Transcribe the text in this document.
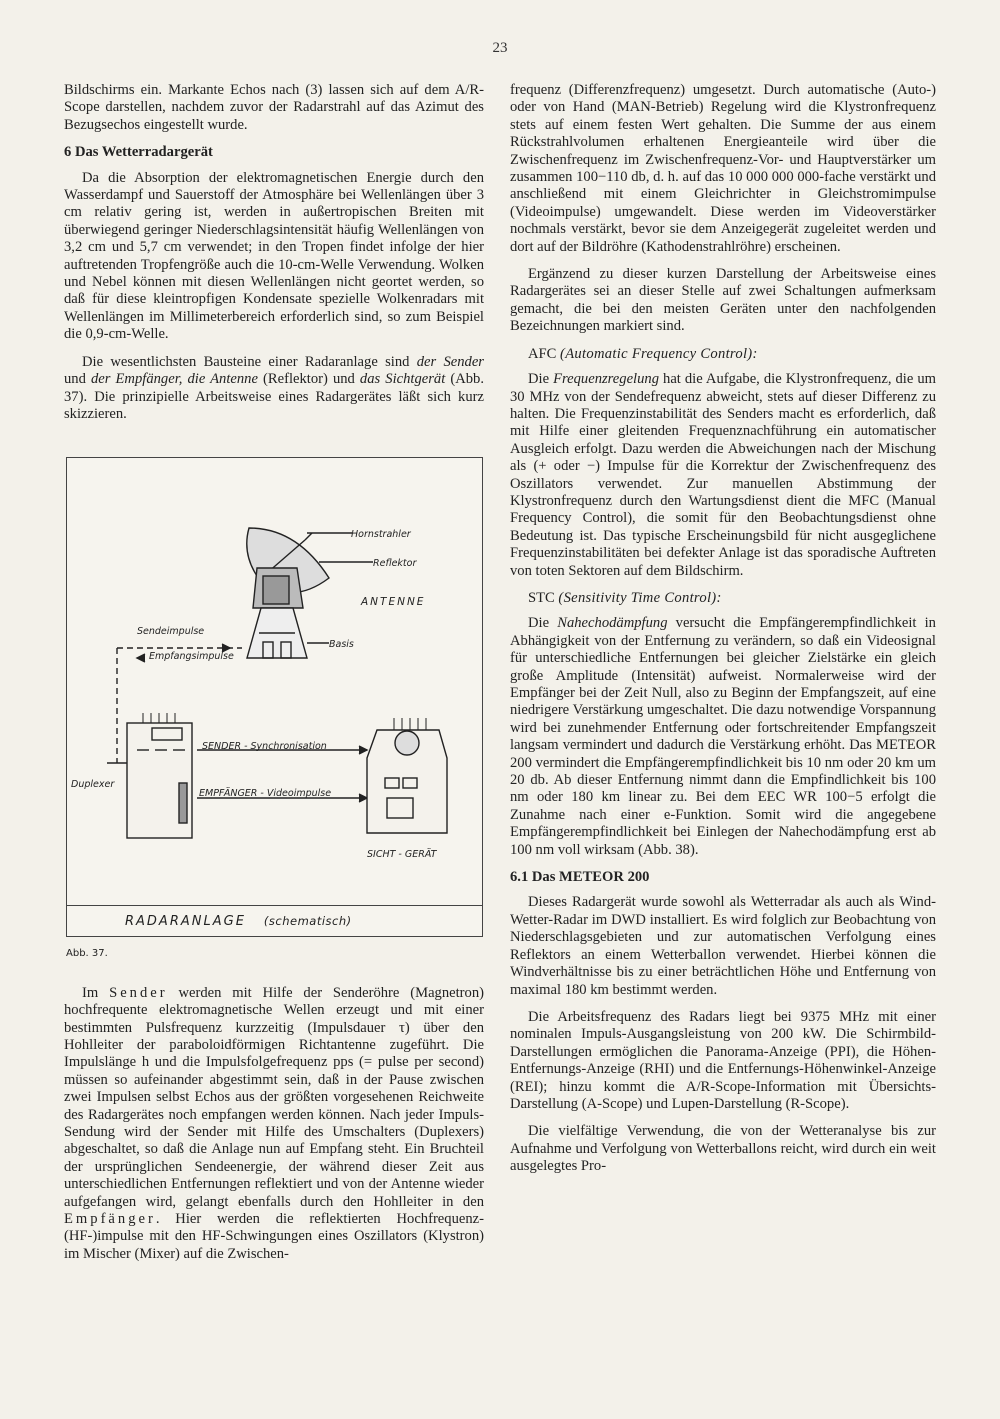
23

Bildschirms ein. Markante Echos nach (3) lassen sich auf dem A/R-Scope darstellen, nachdem zuvor der Radarstrahl auf das Azimut des Bezugsechos eingestellt wurde.

6 Das Wetterradargerät

Da die Absorption der elektromagnetischen Energie durch den Wasserdampf und Sauerstoff der Atmosphäre bei Wellenlängen über 3 cm relativ gering ist, werden in außertropischen Breiten mit überwiegend geringer Niederschlagsintensität häufig Wellenlängen von 3,2 cm und 5,7 cm verwendet; in den Tropen findet infolge der hier auftretenden Tropfengröße auch die 10-cm-Welle Verwendung. Wolken und Nebel können mit diesen Wellenlängen nicht geortet werden, so daß für diese kleintropfigen Kondensate spezielle Wolkenradars mit Wellenlängen im Millimeterbereich erforderlich sind, so zum Beispiel die 0,9-cm-Welle.

Die wesentlichsten Bausteine einer Radaranlage sind der Sender und der Empfänger, die Antenne (Reflektor) und das Sichtgerät (Abb. 37). Die prinzipielle Arbeitsweise eines Radargerätes läßt sich kurz skizzieren.

Hornstrahler
Reflektor
ANTENNE
Sendeimpulse
Empfangsimpulse
Basis
SENDER - Synchronisation
Duplexer
EMPFÄNGER - Videoimpulse
SICHT - GERÄT
RADARANLAGE (schematisch)
Abb. 37.

Im Sender werden mit Hilfe der Senderöhre (Magnetron) hochfrequente elektromagnetische Wellen erzeugt und mit einer bestimmten Pulsfrequenz kurzzeitig (Impulsdauer τ) über den Hohlleiter der paraboloidförmigen Richtantenne zugeführt. Die Impulslänge h und die Impulsfolgefrequenz pps (= pulse per second) müssen so aufeinander abgestimmt sein, daß in der Pause zwischen zwei Impulsen selbst Echos aus der größten vorgesehenen Reichweite des Radargerätes noch empfangen werden können. Nach jeder Impuls-Sendung wird der Sender mit Hilfe des Umschalters (Duplexers) abgeschaltet, so daß die Anlage nun auf Empfang steht. Ein Bruchteil der ursprünglichen Sendeenergie, der während dieser Zeit aus unterschiedlichen Entfernungen reflektiert und von der Antenne wieder aufgefangen wird, gelangt ebenfalls durch den Hohlleiter in den Empfänger. Hier werden die reflektierten Hochfrequenz-(HF-)impulse mit den HF-Schwingungen eines Oszillators (Klystron) im Mischer (Mixer) auf die Zwischen-

frequenz (Differenzfrequenz) umgesetzt. Durch automatische (Auto-) oder von Hand (MAN-Betrieb) Regelung wird die Klystronfrequenz stets auf einem festen Wert gehalten. Die Summe der aus einem Rückstrahlvolumen erhaltenen Energieanteile wird über die Zwischenfrequenz im Zwischenfrequenz-Vor- und Hauptverstärker um zusammen 100−110 db, d. h. auf das 10 000 000 000-fache verstärkt und anschließend mit einem Gleichrichter in Gleichstromimpulse (Videoimpulse) umgewandelt. Diese werden im Videoverstärker nochmals verstärkt, bevor sie dem Anzeigegerät zugeleitet werden und dort auf der Bildröhre (Kathodenstrahlröhre) erscheinen.

Ergänzend zu dieser kurzen Darstellung der Arbeitsweise eines Radargerätes sei an dieser Stelle auf zwei Schaltungen aufmerksam gemacht, die bei den meisten Geräten unter den nachfolgenden Bezeichnungen markiert sind.

AFC (Automatic Frequency Control):

Die Frequenzregelung hat die Aufgabe, die Klystronfrequenz, die um 30 MHz von der Sendefrequenz abweicht, stets auf dieser Differenz zu halten. Die Frequenzinstabilität des Senders macht es erforderlich, daß mit Hilfe einer gleitenden Frequenznachführung ein automatischer Ausgleich erfolgt. Dazu werden die Abweichungen nach der Mischung als (+ oder −) Impulse für die Korrektur der Zwischenfrequenz des Oszillators verwendet. Zur manuellen Abstimmung der Klystronfrequenz durch den Wartungsdienst dient die MFC (Manual Frequency Control), die somit für den Beobachtungsdienst ohne Bedeutung ist. Das typische Erscheinungsbild für nicht ausgeglichene Frequenzinstabilitäten bei defekter Anlage ist das sporadische Auftreten von toten Sektoren auf dem Bildschirm.

STC (Sensitivity Time Control):

Die Nahechodämpfung versucht die Empfängerempfindlichkeit in Abhängigkeit von der Entfernung zu verändern, so daß ein Videosignal für unterschiedliche Entfernungen bei gleicher Zielstärke ein gleich große Amplitude (Intensität) aufweist. Normalerweise wird der Empfänger bei der Zeit Null, also zu Beginn der Empfangszeit, auf eine niedrigere Verstärkung umgeschaltet. Die dazu notwendige Vorspannung wird bei zunehmender Entfernung oder fortschreitender Empfangszeit langsam vermindert und dadurch die Verstärkung erhöht. Das METEOR 200 vermindert die Empfängerempfindlichkeit bis 10 nm oder 20 km um 20 db. Ab dieser Entfernung nimmt dann die Empfindlichkeit bis 100 nm oder 180 km linear zu. Bei dem EEC WR 100−5 erfolgt die Zunahme nach einer e-Funktion. Somit wird die angegebene Empfängerempfindlichkeit bei Einlegen der Nahechodämpfung erst ab 100 nm voll wirksam (Abb. 38).

6.1 Das METEOR 200

Dieses Radargerät wurde sowohl als Wetterradar als auch als Wind-Wetter-Radar im DWD installiert. Es wird folglich zur Beobachtung von Niederschlagsgebieten und zur automatischen Verfolgung eines Reflektors an einem Wetterballon verwendet. Hierbei können die Windverhältnisse bis zu einer beträchtlichen Höhe und Entfernung von maximal 180 km bestimmt werden.

Die Arbeitsfrequenz des Radars liegt bei 9375 MHz mit einer nominalen Impuls-Ausgangsleistung von 200 kW. Die Schirmbild-Darstellungen ermöglichen die Panorama-Anzeige (PPI), die Höhen-Entfernungs-Anzeige (RHI) und die Entfernungs-Höhenwinkel-Anzeige (REI); hinzu kommt die A/R-Scope-Information mit Übersichts-Darstellung (A-Scope) und Lupen-Darstellung (R-Scope).

Die vielfältige Verwendung, die von der Wetteranalyse bis zur Aufnahme und Verfolgung von Wetterballons reicht, wird durch ein weit ausgelegtes Pro-
